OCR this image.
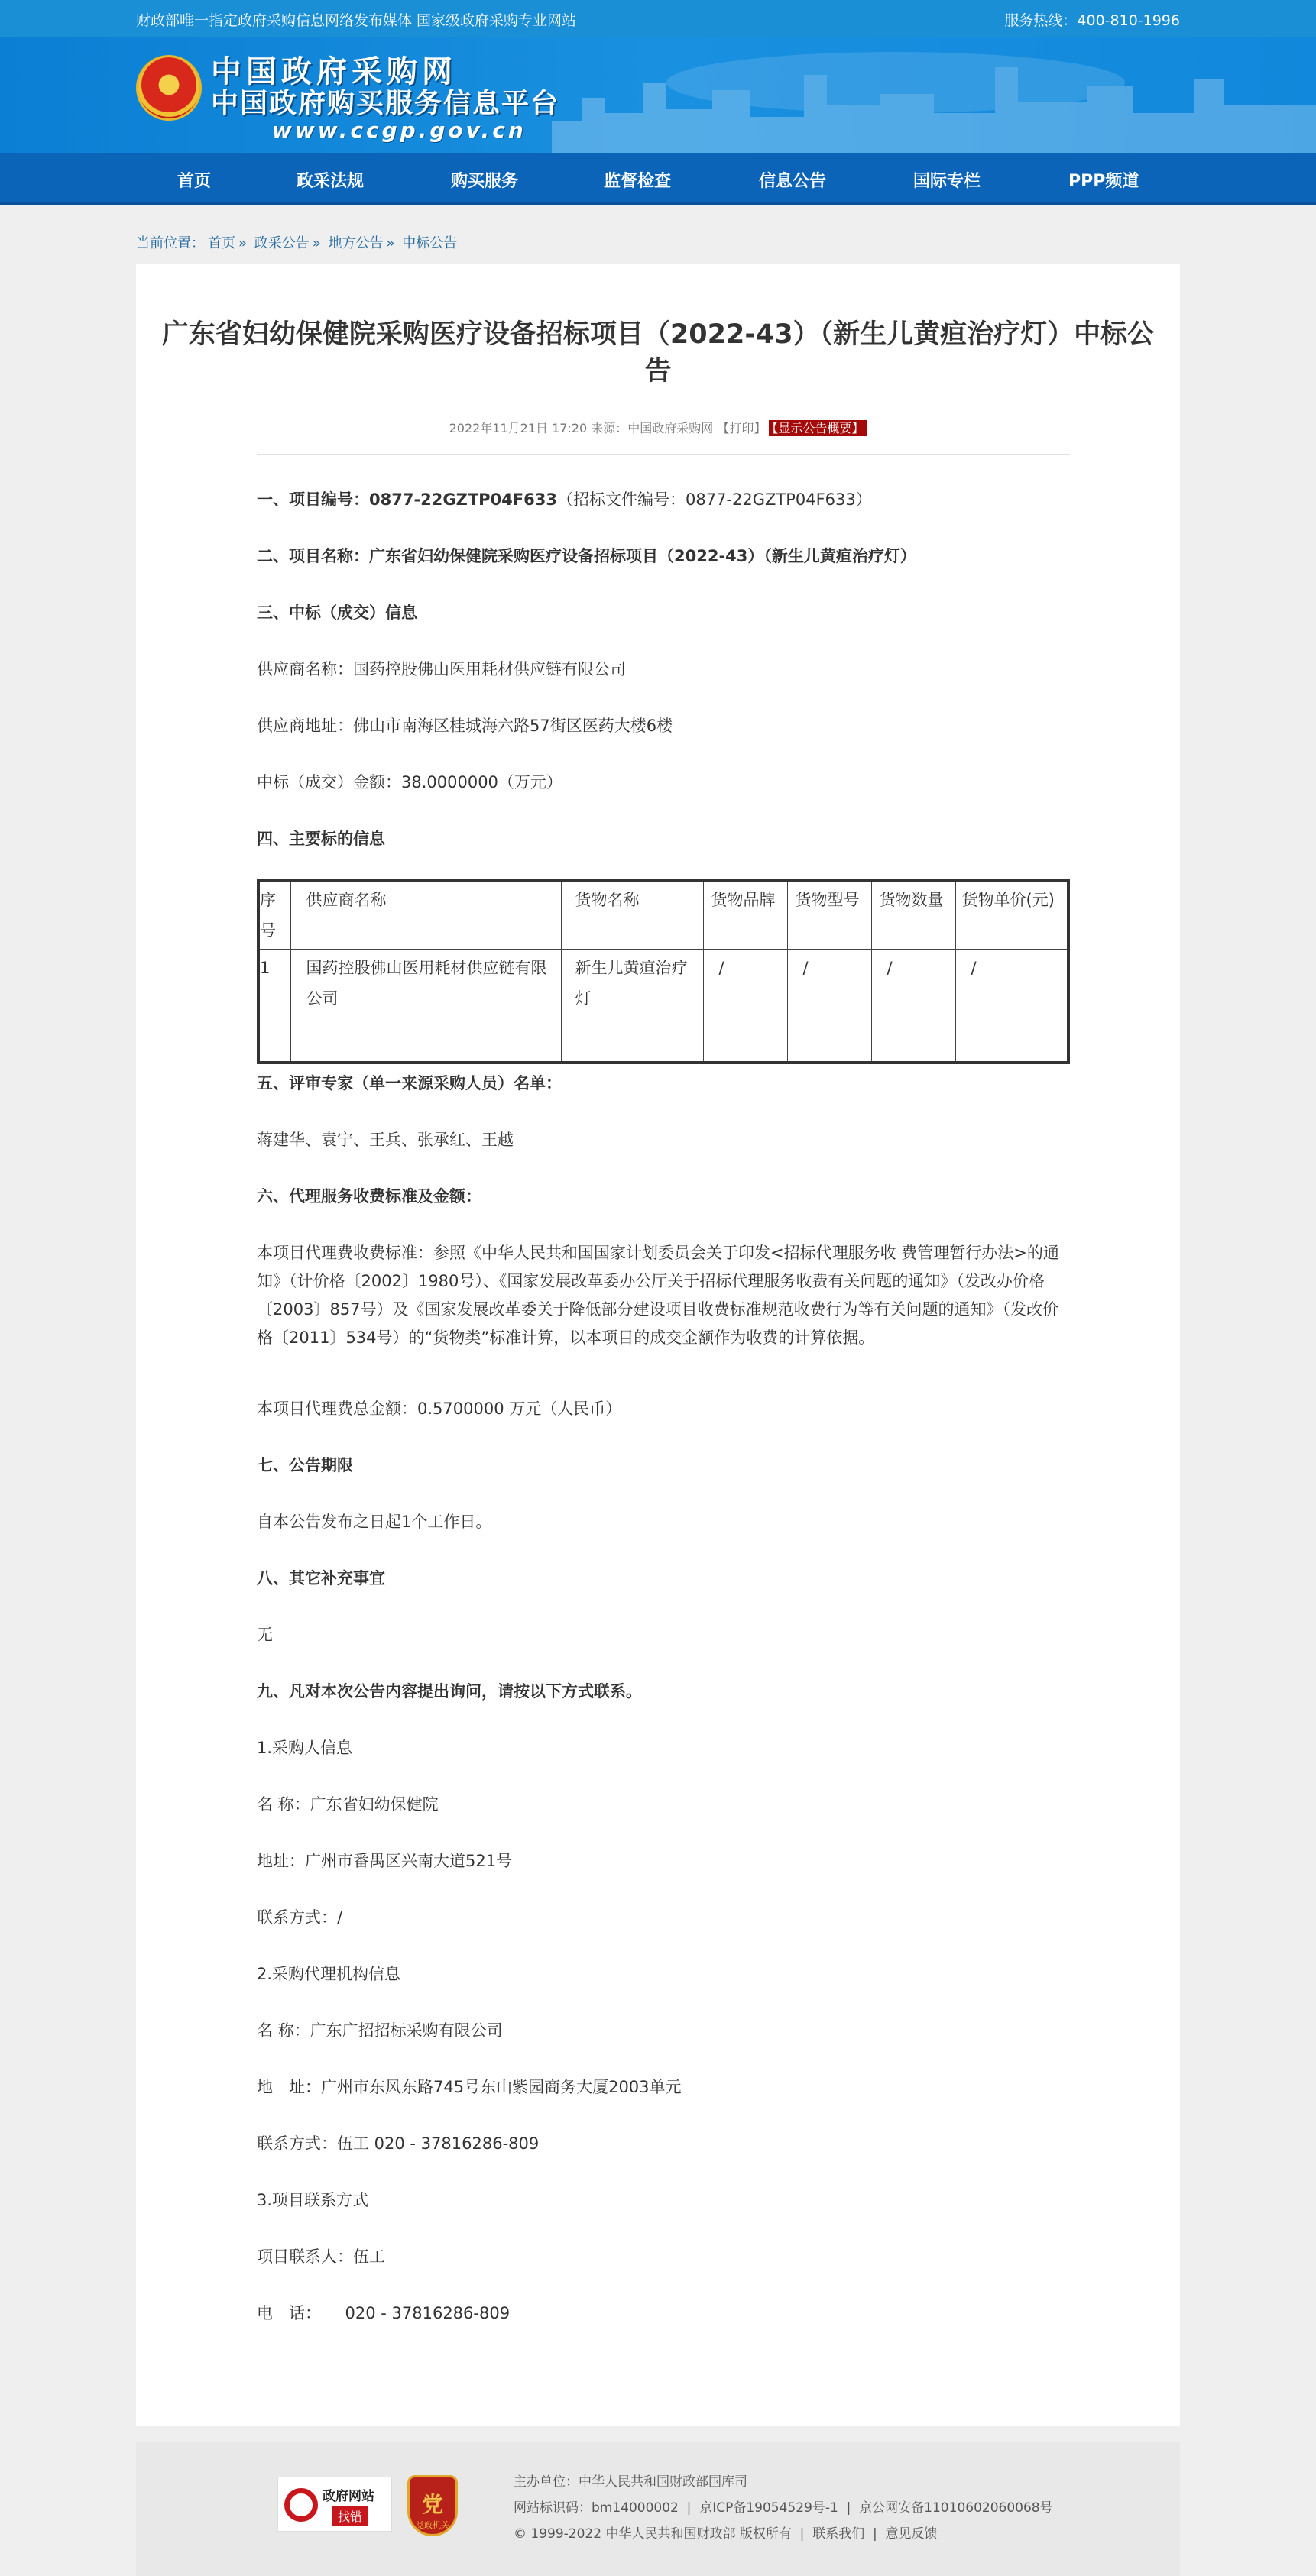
财政部唯一指定政府采购信息网络发布媒体 国家级政府采购专业网站	服务热线：400-810-1996
中国政府采购网
中国政府购买服务信息平台
www.ccgp.gov.cn
首页	政采法规	购买服务	监督检查	信息公告	国际专栏	PPP频道
当前位置： 首页 » 政采公告 » 地方公告 » 中标公告
广东省妇幼保健院采购医疗设备招标项目（2022-43）（新生儿黄疸治疗灯）中标公告
2022年11月21日 17:20 来源：中国政府采购网 【打印】 【显示公告概要】
一、项目编号：0877-22GZTP04F633（招标文件编号：0877-22GZTP04F633）
二、项目名称：广东省妇幼保健院采购医疗设备招标项目（2022-43）（新生儿黄疸治疗灯）
三、中标（成交）信息
供应商名称：国药控股佛山医用耗材供应链有限公司
供应商地址：佛山市南海区桂城海六路57街区医药大楼6楼
中标（成交）金额：38.0000000（万元）
四、主要标的信息
序号	供应商名称	货物名称	货物品牌	货物型号	货物数量	货物单价(元)
1	国药控股佛山医用耗材供应链有限公司	新生儿黄疸治疗灯	/	/	/	/

五、评审专家（单一来源采购人员）名单：
蒋建华、袁宁、王兵、张承红、王越
六、代理服务收费标准及金额：
本项目代理费收费标准：参照《中华人民共和国国家计划委员会关于印发<招标代理服务收 费管理暂行办法>的通知》（计价格〔2002〕1980号）、《国家发展改革委办公厅关于招标代理服务收费有关问题的通知》（发改办价格〔2003〕857号）及《国家发展改革委关于降低部分建设项目收费标准规范收费行为等有关问题的通知》（发改价格〔2011〕534号）的“货物类”标准计算，以本项目的成交金额作为收费的计算依据。
本项目代理费总金额：0.5700000 万元（人民币）
七、公告期限
自本公告发布之日起1个工作日。
八、其它补充事宜
无
九、凡对本次公告内容提出询问，请按以下方式联系。
1.采购人信息
名 称：广东省妇幼保健院
地址：广州市番禺区兴南大道521号
联系方式：/
2.采购代理机构信息
名 称：广东广招招标采购有限公司
地　址：广州市东风东路745号东山紫园商务大厦2003单元
联系方式：伍工 020 - 37816286-809
3.项目联系方式
项目联系人：伍工
电　话：　　020 - 37816286-809
政府网站
找错	党
党政机关
主办单位：中华人民共和国财政部国库司
网站标识码：bm14000002  |  京ICP备19054529号-1  |  京公网安备11010602060068号
© 1999-2022 中华人民共和国财政部 版权所有  |  联系我们  |  意见反馈
